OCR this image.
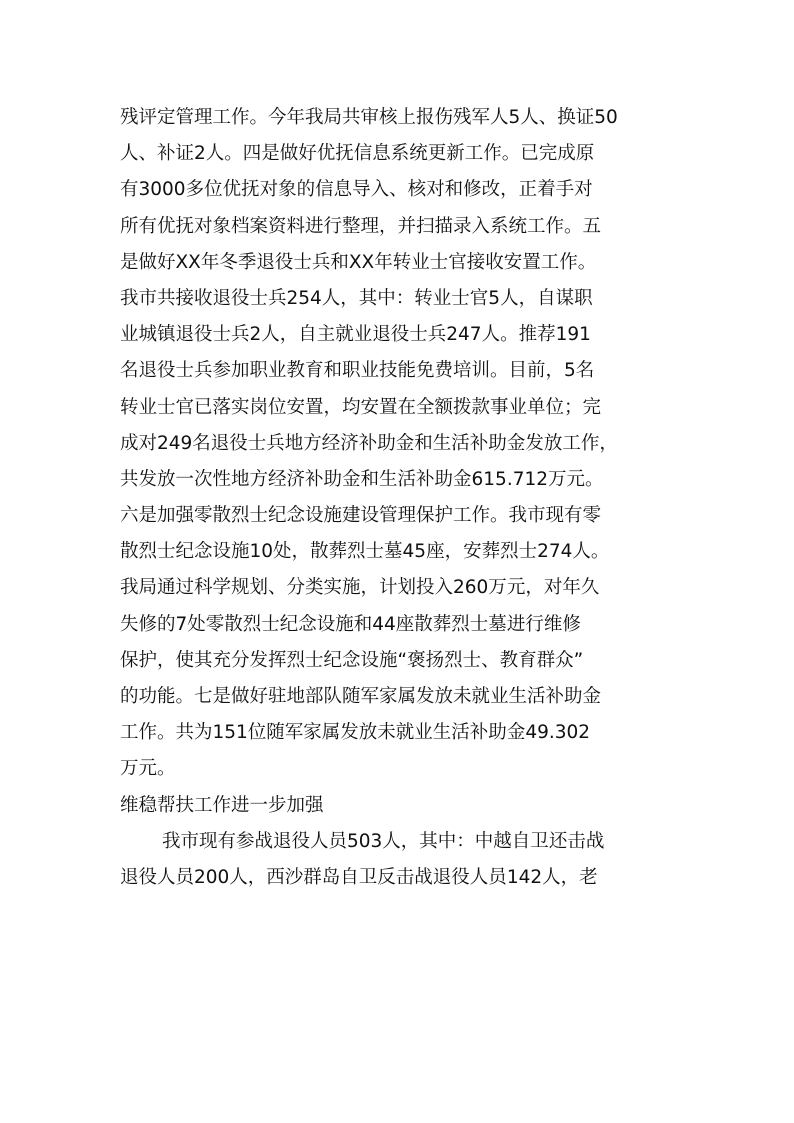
残评定管理工作。今年我局共审核上报伤残军人5人、换证50
人、补证2人。四是做好优抚信息系统更新工作。已完成原
有3000多位优抚对象的信息导入、核对和修改，正着手对
所有优抚对象档案资料进行整理，并扫描录入系统工作。五
是做好XX年冬季退役士兵和XX年转业士官接收安置工作。
我市共接收退役士兵254人，其中：转业士官5人，自谋职
业城镇退役士兵2人，自主就业退役士兵247人。推荐191
名退役士兵参加职业教育和职业技能免费培训。目前，5名
转业士官已落实岗位安置，均安置在全额拨款事业单位；完
成对249名退役士兵地方经济补助金和生活补助金发放工作，
共发放一次性地方经济补助金和生活补助金615.712万元。
六是加强零散烈士纪念设施建设管理保护工作。我市现有零
散烈士纪念设施10处，散葬烈士墓45座，安葬烈士274人。
我局通过科学规划、分类实施，计划投入260万元，对年久
失修的7处零散烈士纪念设施和44座散葬烈士墓进行维修
保护，使其充分发挥烈士纪念设施“褒扬烈士、教育群众”
的功能。七是做好驻地部队随军家属发放未就业生活补助金
工作。共为151位随军家属发放未就业生活补助金49.302
万元。
维稳帮扶工作进一步加强
我市现有参战退役人员503人，其中：中越自卫还击战
退役人员200人，西沙群岛自卫反击战退役人员142人，老
